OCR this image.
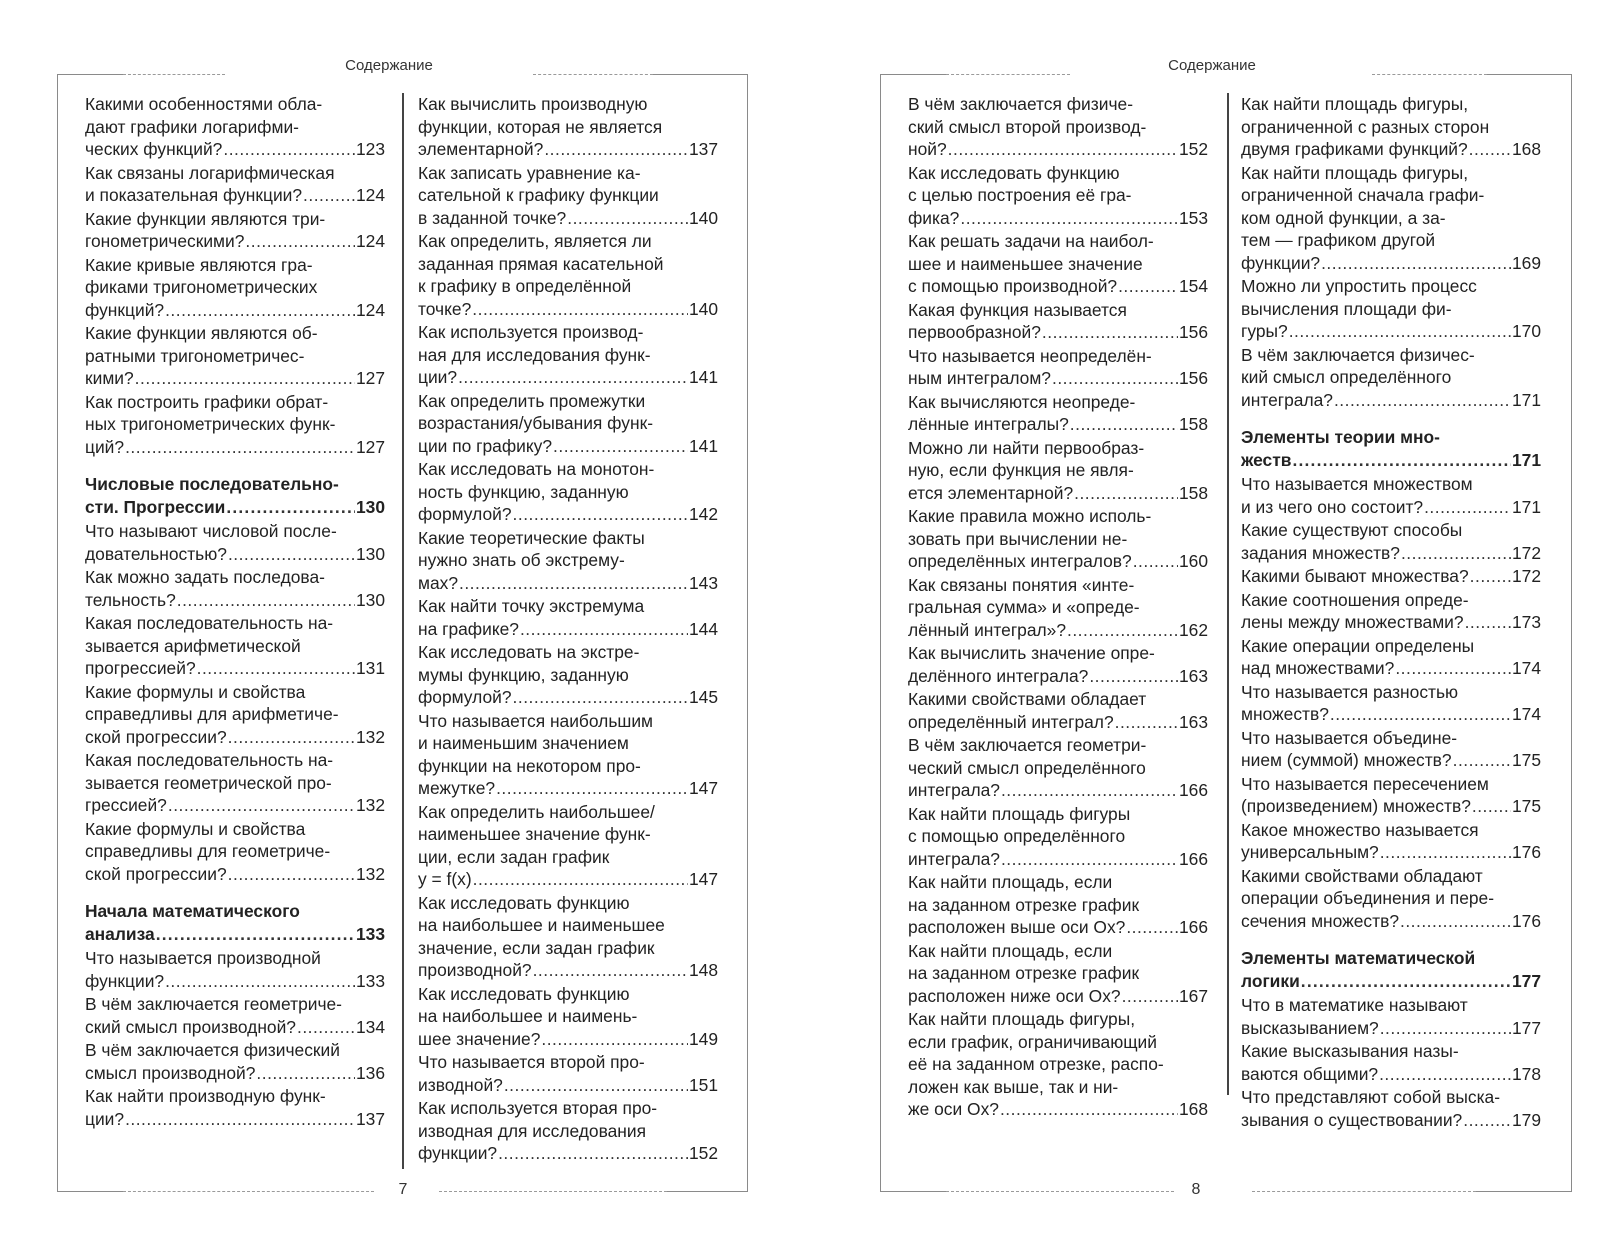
Содержание
Какими особенностями обла-
дают графики логарифми-
ческих функций? .....	123
Как связаны логарифмическая
и показательная функции? .....	124
Какие функции являются три-
гонометрическими? .....	124
Какие кривые являются гра-
фиками тригонометрических
функций? .....	124
Какие функции являются об-
ратными тригонометричес-
кими? .....	127
Как построить графики обрат-
ных тригонометрических функ-
ций? .....	127
Числовые последовательно-
сти. Прогрессии .....	130
Что называют числовой после-
довательностью? .....	130
Как можно задать последова-
тельность? .....	130
Какая последовательность на-
зывается арифметической
прогрессией? .....	131
Какие формулы и свойства
справедливы для арифметиче-
ской прогрессии? .....	132
Какая последовательность на-
зывается геометрической про-
грессией? .....	132
Какие формулы и свойства
справедливы для геометриче-
ской прогрессии? .....	132
Начала математического
анализа .....	133
Что называется производной
функции? .....	133
В чём заключается геометриче-
ский смысл производной? .....	134
В чём заключается физический
смысл производной? .....	136
Как найти производную функ-
ции? .....	137
Как вычислить производную
функции, которая не является
элементарной? .....	137
Как записать уравнение ка-
сательной к графику функции
в заданной точке? .....	140
Как определить, является ли
заданная прямая касательной
к графику в определённой
точке? .....	140
Как используется производ-
ная для исследования функ-
ции? .....	141
Как определить промежутки
возрастания/убывания функ-
ции по графику? .....	141
Как исследовать на монотон-
ность функцию, заданную
формулой? .....	142
Какие теоретические факты
нужно знать об экстрему-
мах? .....	143
Как найти точку экстремума
на графике? .....	144
Как исследовать на экстре-
мумы функцию, заданную
формулой? .....	145
Что называется наибольшим
и наименьшим значением
функции на некотором про-
межутке? .....	147
Как определить наибольшее/
наименьшее значение функ-
ции, если задан график
y = f(x) .....	147
Как исследовать функцию
на наибольшее и наименьшее
значение, если задан график
производной? .....	148
Как исследовать функцию
на наибольшее и наимень-
шее значение? .....	149
Что называется второй про-
изводной? .....	151
Как используется вторая про-
изводная для исследования
функции? .....	152
7
Содержание
В чём заключается физиче-
ский смысл второй производ-
ной? .....	152
Как исследовать функцию
с целью построения её гра-
фика? .....	153
Как решать задачи на наибол-
шее и наименьшее значение
с помощью производной? .....	154
Какая функция называется
первообразной? .....	156
Что называется неопределён-
ным интегралом? .....	156
Как вычисляются неопреде-
лённые интегралы? .....	158
Можно ли найти первообраз-
ную, если функция не явля-
ется элементарной? .....	158
Какие правила можно исполь-
зовать при вычислении не-
определённых интегралов? .....	160
Как связаны понятия «инте-
гральная сумма» и «опреде-
лённый интеграл»? .....	162
Как вычислить значение опре-
делённого интеграла? .....	163
Какими свойствами обладает
определённый интеграл? .....	163
В чём заключается геометри-
ческий смысл определённого
интеграла? .....	166
Как найти площадь фигуры
с помощью определённого
интеграла? .....	166
Как найти площадь, если
на заданном отрезке график
расположен выше оси Ox? .....	166
Как найти площадь, если
на заданном отрезке график
расположен ниже оси Ox? .....	167
Как найти площадь фигуры,
если график, ограничивающий
её на заданном отрезке, распо-
ложен как выше, так и ни-
же оси Ox? .....	168
Как найти площадь фигуры,
ограниченной с разных сторон
двумя графиками функций? .....	168
Как найти площадь фигуры,
ограниченной сначала графи-
ком одной функции, а за-
тем — графиком другой
функции? .....	169
Можно ли упростить процесс
вычисления площади фи-
гуры? .....	170
В чём заключается физичес-
кий смысл определённого
интеграла? .....	171
Элементы теории мно-
жеств .....	171
Что называется множеством
и из чего оно состоит? .....	171
Какие существуют способы
задания множеств? .....	172
Какими бывают множества? ..... 172
Какие соотношения опреде-
лены между множествами? .....	173
Какие операции определены
над множествами? .....	174
Что называется разностью
множеств? .....	174
Что называется объедине-
нием (суммой) множеств? .....	175
Что называется пересечением
(произведением) множеств? ..... 175
Какое множество называется
универсальным? .....	176
Какими свойствами обладают
операции объединения и пере-
сечения множеств? .....	176
Элементы математической
логики .....	177
Что в математике называют
высказыванием? .....	177
Какие высказывания назы-
ваются общими? .....	178
Что представляют собой выска-
зывания о существовании? .....	179
8
